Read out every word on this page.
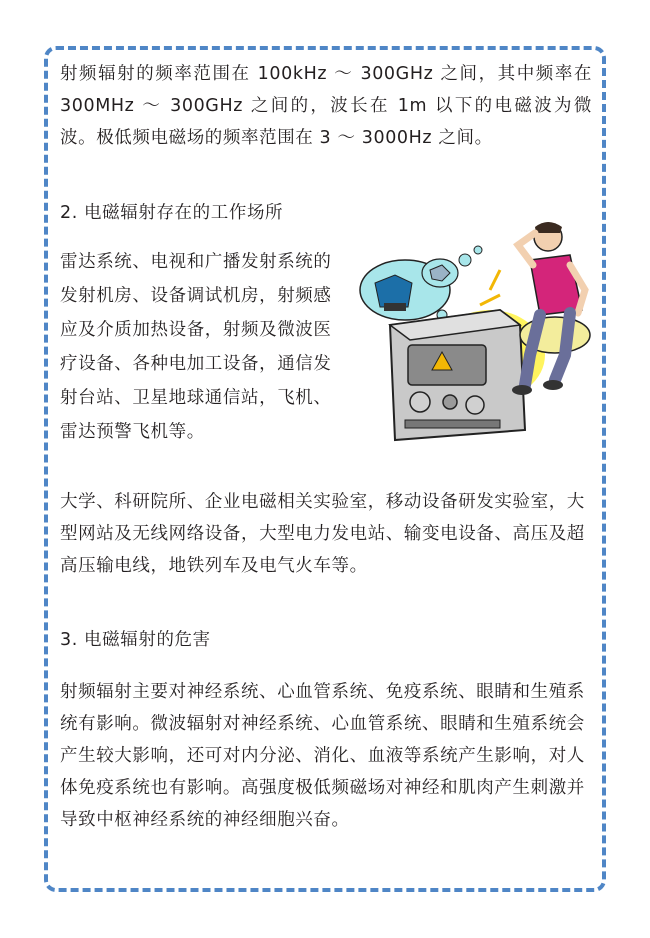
射频辐射的频率范围在 100kHz ～ 300GHz 之间，其中频率在 300MHz ～ 300GHz 之间的，波长在 1m 以下的电磁波为微波。极低频电磁场的频率范围在 3 ～ 3000Hz 之间。

2. 电磁辐射存在的工作场所

雷达系统、电视和广播发射系统的发射机房、设备调试机房，射频感应及介质加热设备，射频及微波医疗设备、各种电加工设备，通信发射台站、卫星地球通信站，飞机、雷达预警飞机等。

大学、科研院所、企业电磁相关实验室，移动设备研发实验室，大型网站及无线网络设备，大型电力发电站、输变电设备、高压及超高压输电线，地铁列车及电气火车等。

3. 电磁辐射的危害

射频辐射主要对神经系统、心血管系统、免疫系统、眼睛和生殖系统有影响。微波辐射对神经系统、心血管系统、眼睛和生殖系统会产生较大影响，还可对内分泌、消化、血液等系统产生影响，对人体免疫系统也有影响。高强度极低频磁场对神经和肌肉产生刺激并导致中枢神经系统的神经细胞兴奋。
